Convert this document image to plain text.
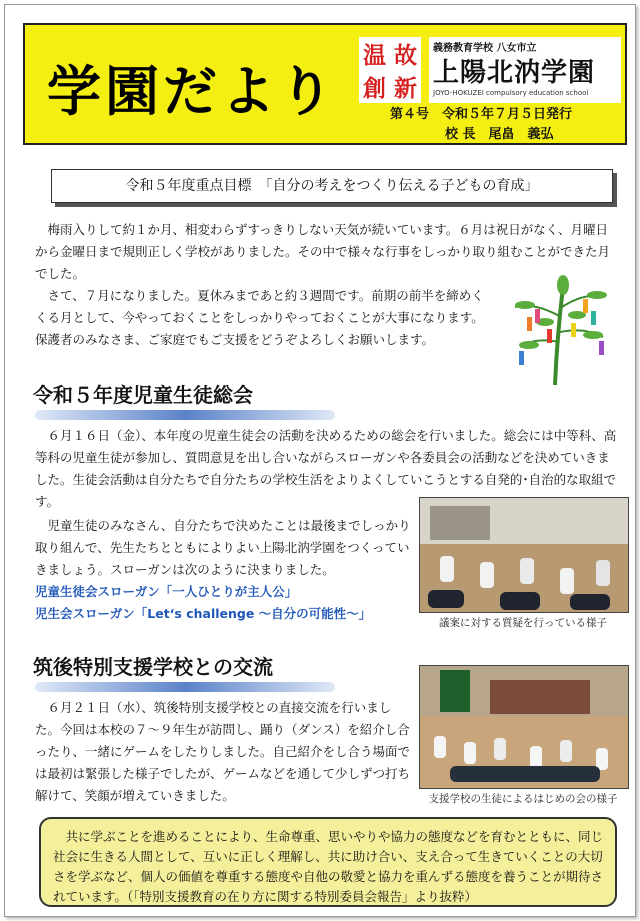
学園だより
温 故
創 新
義務教育学校 八女市立
上陽北汭学園
JOYO-HOKUZEI compulsory education school
第４号　令和５年７月５日発行
校 長　尾畠　義弘
令和５年度重点目標　「自分の考えをつくり伝える子どもの育成」
梅雨入りして約１か月、相変わらずすっきりしない天気が続いています。６月は祝日がなく、月曜日から金曜日まで規則正しく学校がありました。その中で様々な行事をしっかり取り組むことができた月でした。
さて、７月になりました。夏休みまであと約３週間です。前期の前半を締めくくる月として、今やっておくことをしっかりやっておくことが大事になります。保護者のみなさま、ご家庭でもご支援をどうぞよろしくお願いします。
令和５年度児童生徒総会
６月１６日（金）、本年度の児童生徒会の活動を決めるための総会を行いました。総会には中等科、高等科の児童生徒が参加し、質問意見を出し合いながらスローガンや各委員会の活動などを決めていきました。生徒会活動は自分たちで自分たちの学校生活をよりよくしていこうとする自発的･自治的な取組です。
児童生徒のみなさん、自分たちで決めたことは最後までしっかり取り組んで、先生たちとともによりよい上陽北汭学園をつくっていきましょう。スローガンは次のように決まりました。
児童生徒会スローガン「一人ひとりが主人公」
児生会スローガン「Let‘s challenge ～自分の可能性～」
議案に対する質疑を行っている様子
筑後特別支援学校との交流
６月２１日（水）、筑後特別支援学校との直接交流を行いました。今回は本校の７～９年生が訪問し、踊り（ダンス）を紹介し合ったり、一緒にゲームをしたりしました。自己紹介をし合う場面では最初は緊張した様子でしたが、ゲームなどを通して少しずつ打ち解けて、笑顔が増えていきました。	支援学校の生徒によるはじめの会の様子
共に学ぶことを進めることにより、生命尊重、思いやりや協力の態度などを育むとともに、同じ社会に生きる人間として、互いに正しく理解し、共に助け合い、支え合って生きていくことの大切さを学ぶなど、個人の価値を尊重する態度や自他の敬愛と協力を重んずる態度を養うことが期待されています。（「特別支援教育の在り方に関する特別委員会報告」より抜粋）
